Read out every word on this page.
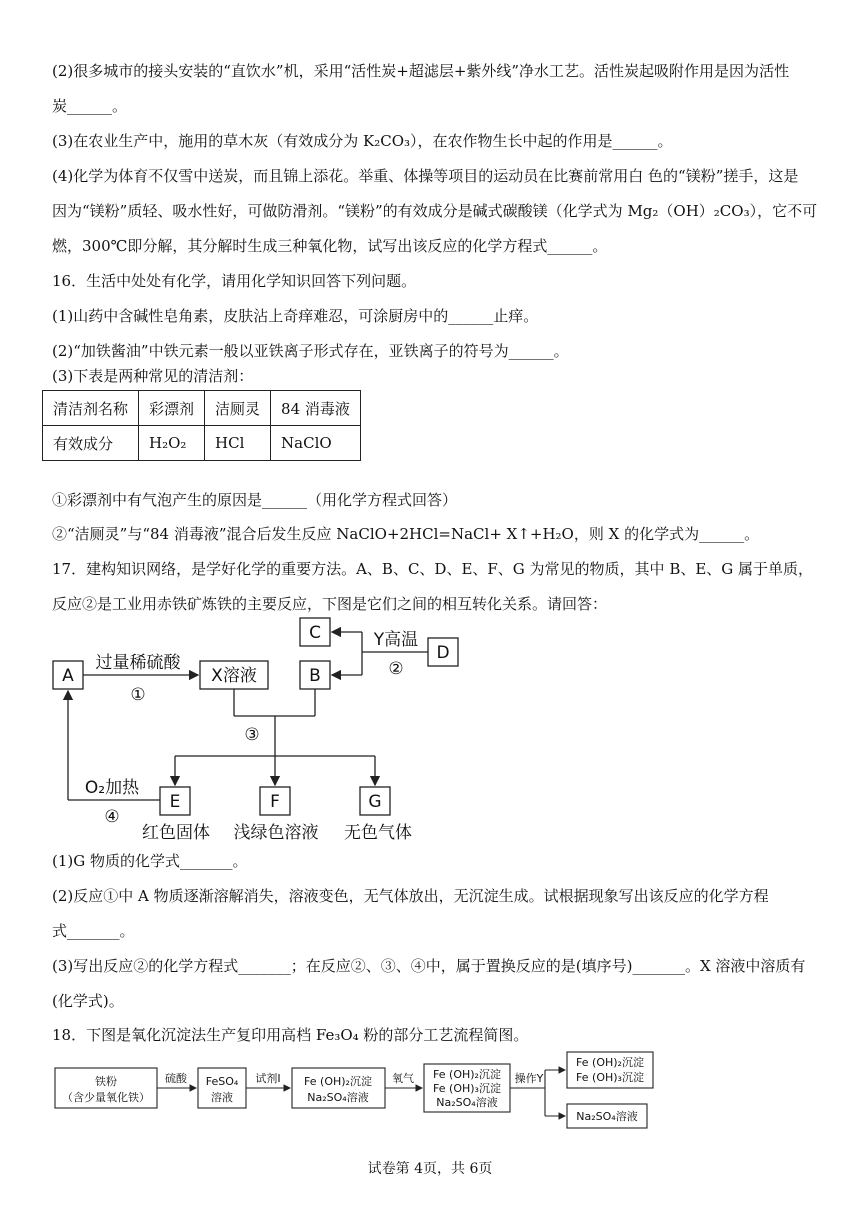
(2)很多城市的接头安装的“直饮水”机，采用“活性炭+超滤层+紫外线”净水工艺。活性炭起吸附作用是因为活性
炭______。
(3)在农业生产中，施用的草木灰（有效成分为 K₂CO₃），在农作物生长中起的作用是______。
(4)化学为体育不仅雪中送炭，而且锦上添花。举重、体操等项目的运动员在比赛前常用白 色的“镁粉”搓手，这是
因为“镁粉”质轻、吸水性好，可做防滑剂。“镁粉”的有效成分是碱式碳酸镁（化学式为 Mg₂（OH）₂CO₃），它不可
燃，300℃即分解，其分解时生成三种氧化物，试写出该反应的化学方程式______。
16．生活中处处有化学，请用化学知识回答下列问题。
(1)山药中含碱性皂角素，皮肤沾上奇痒难忍，可涂厨房中的______止痒。
(2)“加铁酱油”中铁元素一般以亚铁离子形式存在，亚铁离子的符号为______。
(3)下表是两种常见的清洁剂：
清洁剂名称	彩漂剂	洁厕灵	84 消毒液
有效成分	H₂O₂	HCl	NaClO
①彩漂剂中有气泡产生的原因是______（用化学方程式回答）
②“洁厕灵”与“84 消毒液”混合后发生反应 NaClO+2HCl=NaCl+ X↑+H₂O，则 X 的化学式为______。
17．建构知识网络，是学好化学的重要方法。A、B、C、D、E、F、G 为常见的物质，其中 B、E、G 属于单质，
反应②是工业用赤铁矿炼铁的主要反应，下图是它们之间的相互转化关系。请回答：
A	X溶液	B
C
D
E	F	G
过量稀硫酸
①
Y高温
②
③
O₂加热
④
红色固体 浅绿色溶液 无色气体
(1)G 物质的化学式_______。
(2)反应①中 A 物质逐渐溶解消失，溶液变色，无气体放出，无沉淀生成。试根据现象写出该反应的化学方程
式_______。
(3)写出反应②的化学方程式_______；在反应②、③、④中，属于置换反应的是(填序号)_______。X 溶液中溶质有
(化学式)。
18．下图是氧化沉淀法生产复印用高档 Fe₃O₄ 粉的部分工艺流程简图。
铁粉
（含少量氧化铁）
硫酸 FeSO₄
溶液
试剂I Fe (OH)₂沉淀
Na₂SO₄溶液
氧气 Fe (OH)₂沉淀
Fe (OH)₃沉淀
Na₂SO₄溶液
操作Y
Fe (OH)₂沉淀
Fe (OH)₃沉淀
Na₂SO₄溶液
试卷第 4页，共 6页
